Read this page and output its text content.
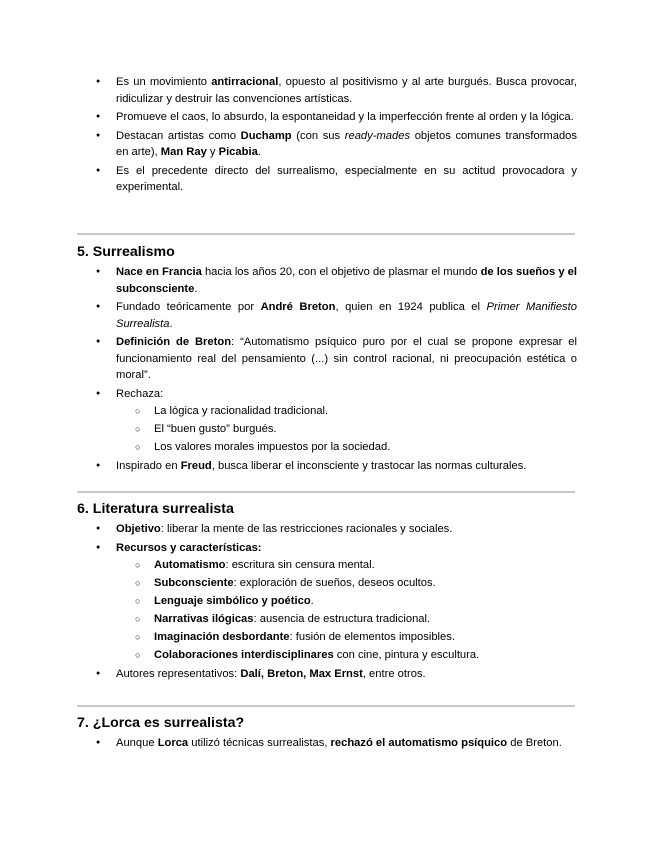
● Es un movimiento antirracional, opuesto al positivismo y al arte burgués. Busca provocar, ridiculizar y destruir las convenciones artísticas.
● Promueve el caos, lo absurdo, la espontaneidad y la imperfección frente al orden y la lógica.
● Destacan artistas como Duchamp (con sus ready-mades objetos comunes transformados en arte), Man Ray y Picabia.
● Es el precedente directo del surrealismo, especialmente en su actitud provocadora y experimental.
5. Surrealismo
● Nace en Francia hacia los años 20, con el objetivo de plasmar el mundo de los sueños y el subconsciente.
● Fundado teóricamente por André Breton, quien en 1924 publica el Primer Manifiesto Surrealista.
● Definición de Breton: “Automatismo psíquico puro por el cual se propone expresar el funcionamiento real del pensamiento (...) sin control racional, ni preocupación estética o moral”.
● Rechaza:
○ La lógica y racionalidad tradicional.
○ El “buen gusto” burgués.
○ Los valores morales impuestos por la sociedad.
● Inspirado en Freud, busca liberar el inconsciente y trastocar las normas culturales.
6. Literatura surrealista
● Objetivo: liberar la mente de las restricciones racionales y sociales.
● Recursos y características:
○ Automatismo: escritura sin censura mental.
○ Subconsciente: exploración de sueños, deseos ocultos.
○ Lenguaje simbólico y poético.
○ Narrativas ilógicas: ausencia de estructura tradicional.
○ Imaginación desbordante: fusión de elementos imposibles.
○ Colaboraciones interdisciplinares con cine, pintura y escultura.
● Autores representativos: Dalí, Breton, Max Ernst, entre otros.
7. ¿Lorca es surrealista?
● Aunque Lorca utilizó técnicas surrealistas, rechazó el automatismo psíquico de Breton.
